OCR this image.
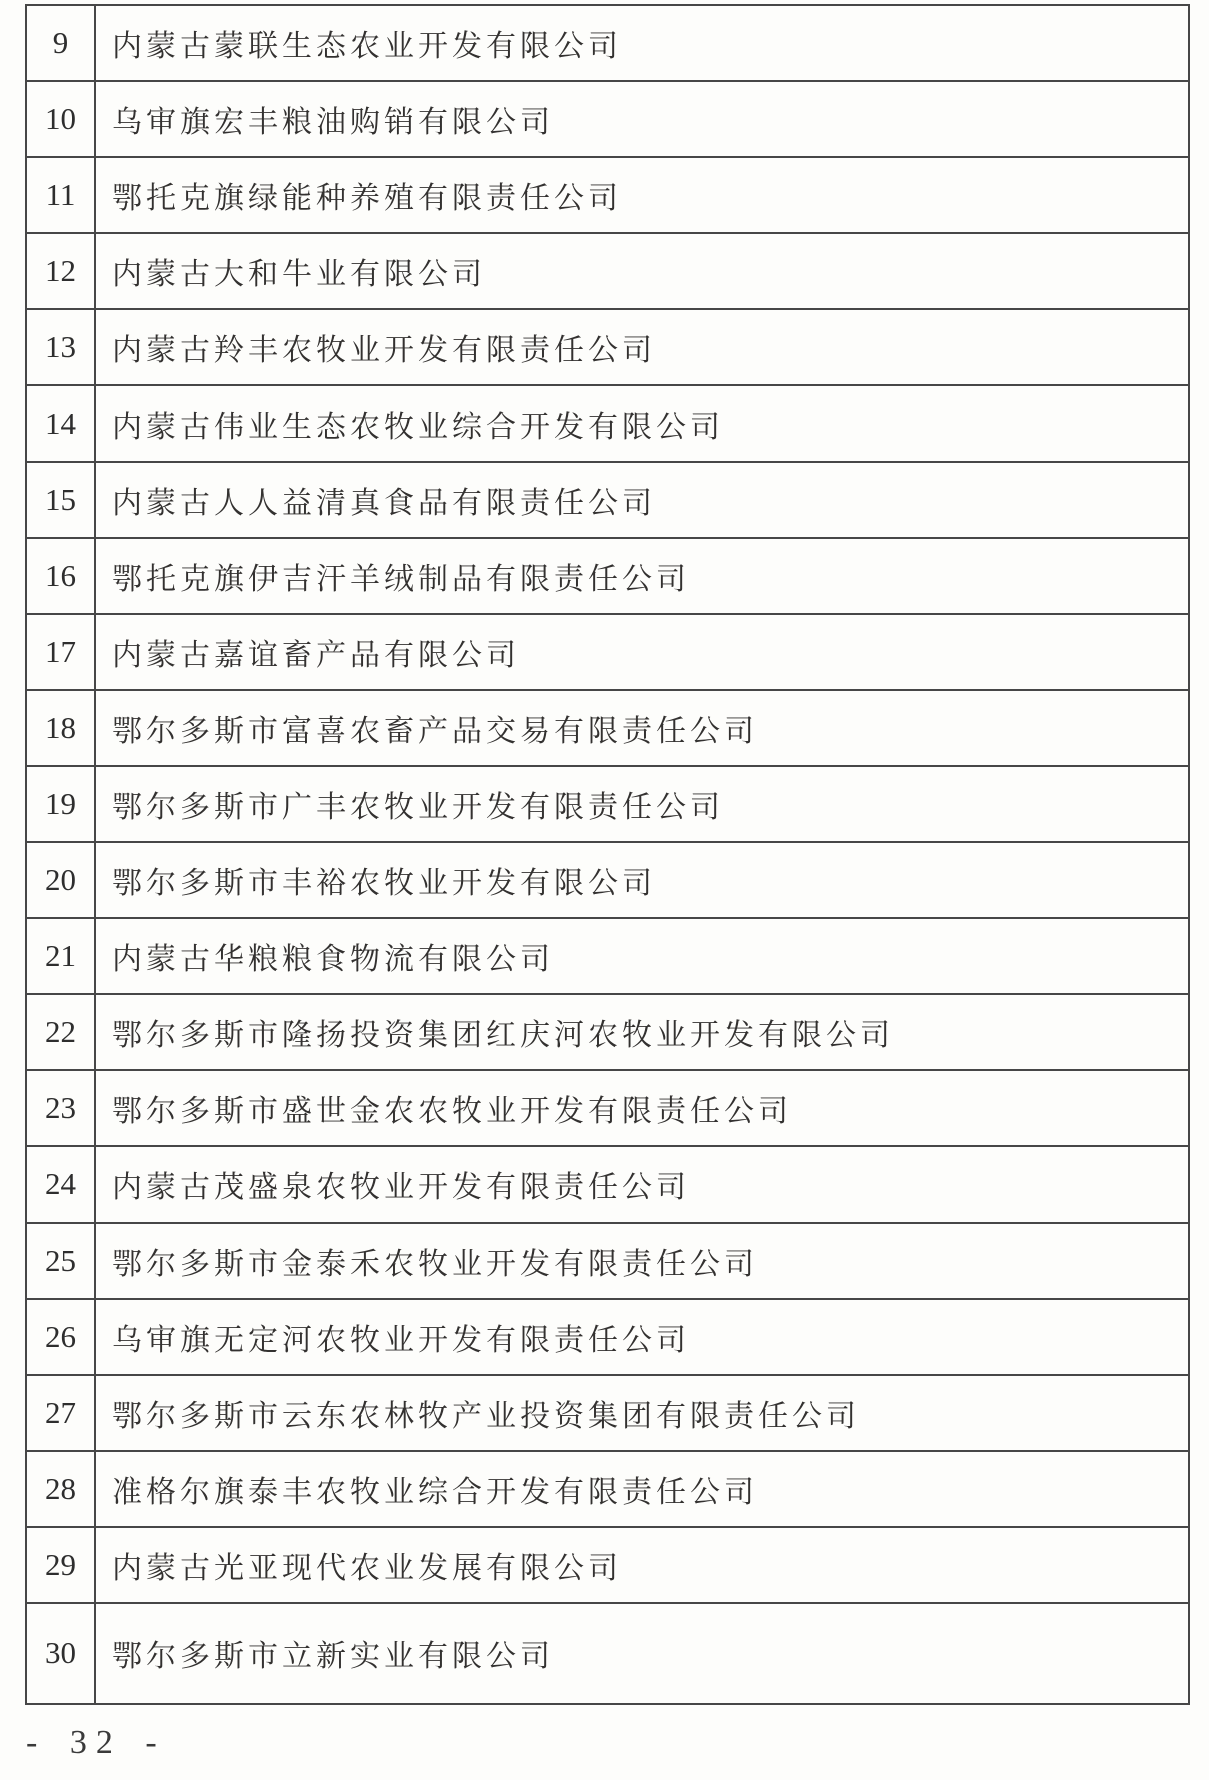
9	内蒙古蒙联生态农业开发有限公司
10	乌审旗宏丰粮油购销有限公司
11	鄂托克旗绿能种养殖有限责任公司
12	内蒙古大和牛业有限公司
13	内蒙古羚丰农牧业开发有限责任公司
14	内蒙古伟业生态农牧业综合开发有限公司
15	内蒙古人人益清真食品有限责任公司
16	鄂托克旗伊吉汗羊绒制品有限责任公司
17	内蒙古嘉谊畜产品有限公司
18	鄂尔多斯市富喜农畜产品交易有限责任公司
19	鄂尔多斯市广丰农牧业开发有限责任公司
20	鄂尔多斯市丰裕农牧业开发有限公司
21	内蒙古华粮粮食物流有限公司
22	鄂尔多斯市隆扬投资集团红庆河农牧业开发有限公司
23	鄂尔多斯市盛世金农农牧业开发有限责任公司
24	内蒙古茂盛泉农牧业开发有限责任公司
25	鄂尔多斯市金泰禾农牧业开发有限责任公司
26	乌审旗无定河农牧业开发有限责任公司
27	鄂尔多斯市云东农林牧产业投资集团有限责任公司
28	准格尔旗泰丰农牧业综合开发有限责任公司
29	内蒙古光亚现代农业发展有限公司
30	鄂尔多斯市立新实业有限公司
- 32 -
